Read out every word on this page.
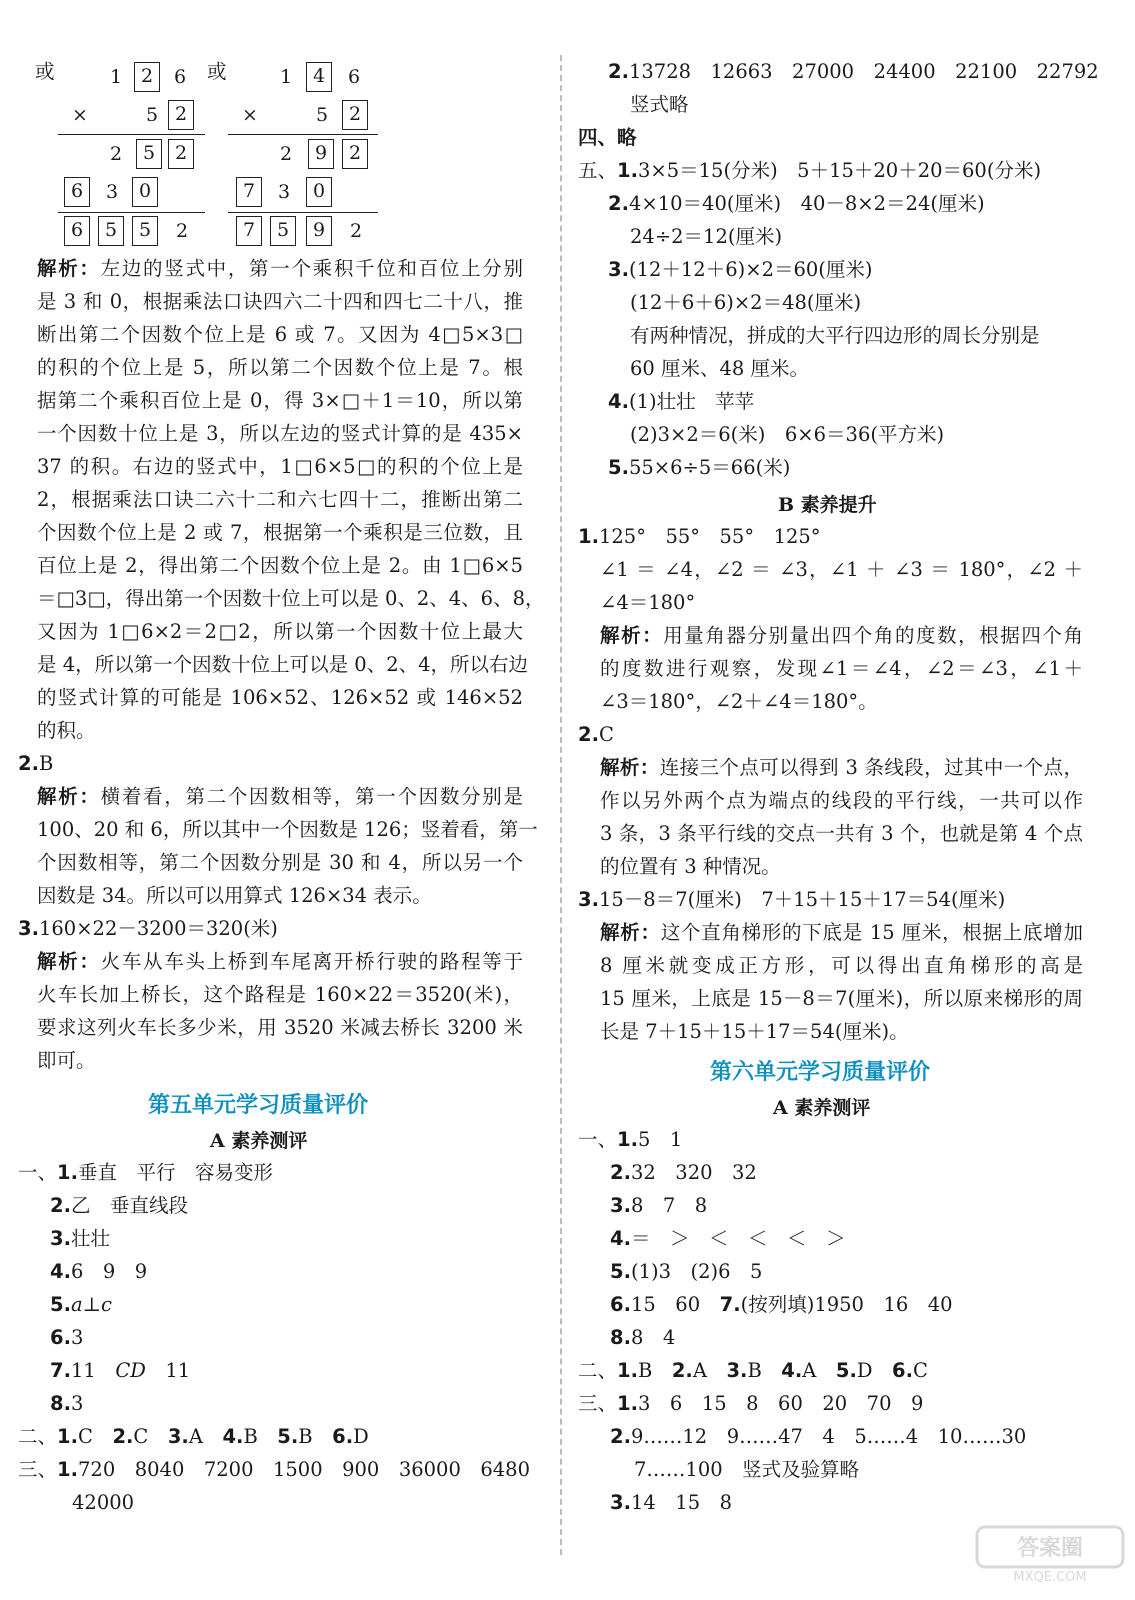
或	或
1 2	6
×	5 2
2	5	2
6	3	0
6	5	5	2
1	4	6
×	5	2
2	9	2
7	3	0
7	5	9	2
解析：左边的竖式中，第一个乘积千位和百位上分别
是 3 和 0，根据乘法口诀四六二十四和四七二十八，推
断出第二个因数个位上是 6 或 7。又因为 4□5×3□
的积的个位上是 5，所以第二个因数个位上是 7。根
据第二个乘积百位上是 0，得 3×□＋1＝10，所以第
一个因数十位上是 3，所以左边的竖式计算的是 435×
37 的积。右边的竖式中，1□6×5□的积的个位上是
2，根据乘法口诀二六十二和六七四十二，推断出第二
个因数个位上是 2 或 7，根据第一个乘积是三位数，且
百位上是 2，得出第二个因数个位上是 2。由 1□6×5
＝□3□，得出第一个因数十位上可以是 0、2、4、6、8，
又因为 1□6×2＝2□2，所以第一个因数十位上最大
是 4，所以第一个因数十位上可以是 0、2、4，所以右边
的竖式计算的可能是 106×52、126×52 或 146×52
的积。
2.B
解析：横着看，第二个因数相等，第一个因数分别是
100、20 和 6，所以其中一个因数是 126；竖着看，第一
个因数相等，第二个因数分别是 30 和 4，所以另一个
因数是 34。所以可以用算式 126×34 表示。
3.160×22－3200＝320(米)
解析：火车从车头上桥到车尾离开桥行驶的路程等于
火车长加上桥长，这个路程是 160×22＝3520(米)，
要求这列火车长多少米，用 3520 米减去桥长 3200 米
即可。
第五单元学习质量评价
A 素养测评
一、1.垂直　平行　容易变形
2.乙　垂直线段
3.壮壮
4.6　9　9
5.a⊥c
6.3
7.11　CD　11
8.3
二、1.C　 2.C　 3.A　 4.B　 5.B　 6.D
三、1.720　8040　7200　1500　900　36000　6480
42000
2.13728　12663　27000　24400　22100　22792
竖式略
四、略
五、1.3×5＝15(分米)　5＋15＋20＋20＝60(分米)
2.4×10＝40(厘米)　40－8×2＝24(厘米)
24÷2＝12(厘米)
3.(12＋12＋6)×2＝60(厘米)
(12＋6＋6)×2＝48(厘米)
有两种情况，拼成的大平行四边形的周长分别是
60 厘米、48 厘米。
4.(1)壮壮　苹苹
(2)3×2＝6(米)　6×6＝36(平方米)
5.55×6÷5＝66(米)
B 素养提升
1.125°　55°　55°　125°
∠1 ＝ ∠4，∠2 ＝ ∠3，∠1 ＋ ∠3 ＝ 180°，∠2 ＋
∠4＝180°
解析：用量角器分别量出四个角的度数，根据四个角
的度数进行观察，发现∠1＝∠4，∠2＝∠3，∠1＋
∠3＝180°，∠2＋∠4＝180°。
2.C
解析：连接三个点可以得到 3 条线段，过其中一个点，
作以另外两个点为端点的线段的平行线，一共可以作
3 条，3 条平行线的交点一共有 3 个，也就是第 4 个点
的位置有 3 种情况。
3.15－8＝7(厘米)　7＋15＋15＋17＝54(厘米)
解析：这个直角梯形的下底是 15 厘米，根据上底增加
8 厘米就变成正方形，可以得出直角梯形的高是
15 厘米，上底是 15－8＝7(厘米)，所以原来梯形的周
长是 7＋15＋15＋17＝54(厘米)。
第六单元学习质量评价
A 素养测评
一、1.5　1
2.32　320　32
3.8　7　8
4.＝　＞　＜　＜　＜　＞
5.(1)3　(2)6　5
6.15　60　 7.(按列填)1950　16　40
8.8　4
二、1.B　 2.A　 3.B　 4.A　 5.D　 6.C
三、1.3　6　15　8　60　20　70　9
2.9……12　9……47　4　5……4　10……30
7……100　竖式及验算略
3.14　15　8
答案圈
MXQE.COM
